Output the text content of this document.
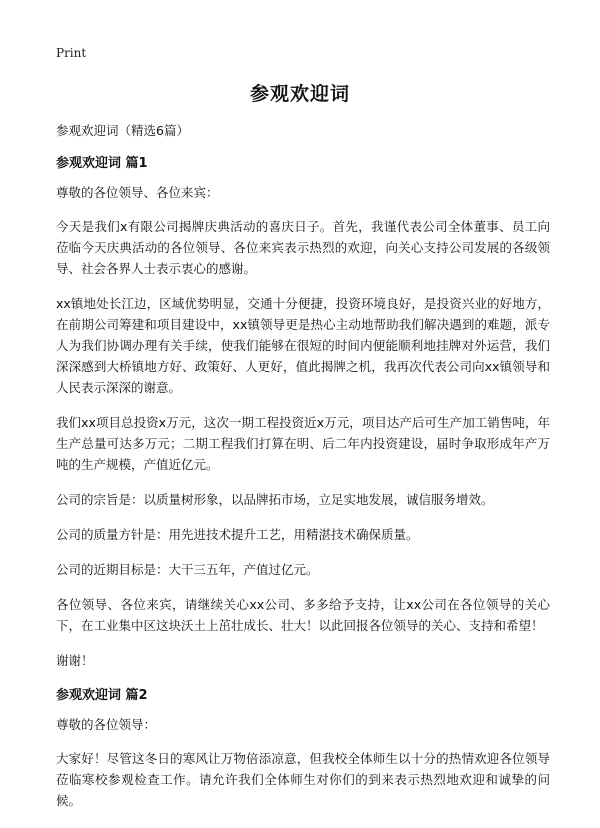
Print
参观欢迎词

参观欢迎词（精选6篇）

参观欢迎词 篇1

尊敬的各位领导、各位来宾：

今天是我们x有限公司揭牌庆典活动的喜庆日子。首先，我谨代表公司全体董事、员工向莅临今天庆典活动的各位领导、各位来宾表示热烈的欢迎，向关心支持公司发展的各级领导、社会各界人士表示衷心的感谢。

xx镇地处长江边，区域优势明显，交通十分便捷，投资环境良好，是投资兴业的好地方，在前期公司筹建和项目建设中，xx镇领导更是热心主动地帮助我们解决遇到的难题，派专人为我们协调办理有关手续，使我们能够在很短的时间内便能顺利地挂牌对外运营，我们深深感到大桥镇地方好、政策好、人更好，值此揭牌之机，我再次代表公司向xx镇领导和人民表示深深的谢意。

我们xx项目总投资x万元，这次一期工程投资近x万元，项目达产后可生产加工销售吨，年生产总量可达多万元；二期工程我们打算在明、后二年内投资建设，届时争取形成年产万吨的生产规模，产值近亿元。

公司的宗旨是：以质量树形象，以品牌拓市场，立足实地发展，诚信服务增效。

公司的质量方针是：用先进技术提升工艺，用精湛技术确保质量。

公司的近期目标是：大干三五年，产值过亿元。

各位领导、各位来宾，请继续关心xx公司、多多给予支持，让xx公司在各位领导的关心下，在工业集中区这块沃土上茁壮成长、壮大！以此回报各位领导的关心、支持和希望！

谢谢！

参观欢迎词 篇2

尊敬的各位领导：

大家好！尽管这冬日的寒风让万物倍添凉意，但我校全体师生以十分的热情欢迎各位领导莅临寒校参观检查工作。请允许我们全体师生对你们的到来表示热烈地欢迎和诚挚的问候。
